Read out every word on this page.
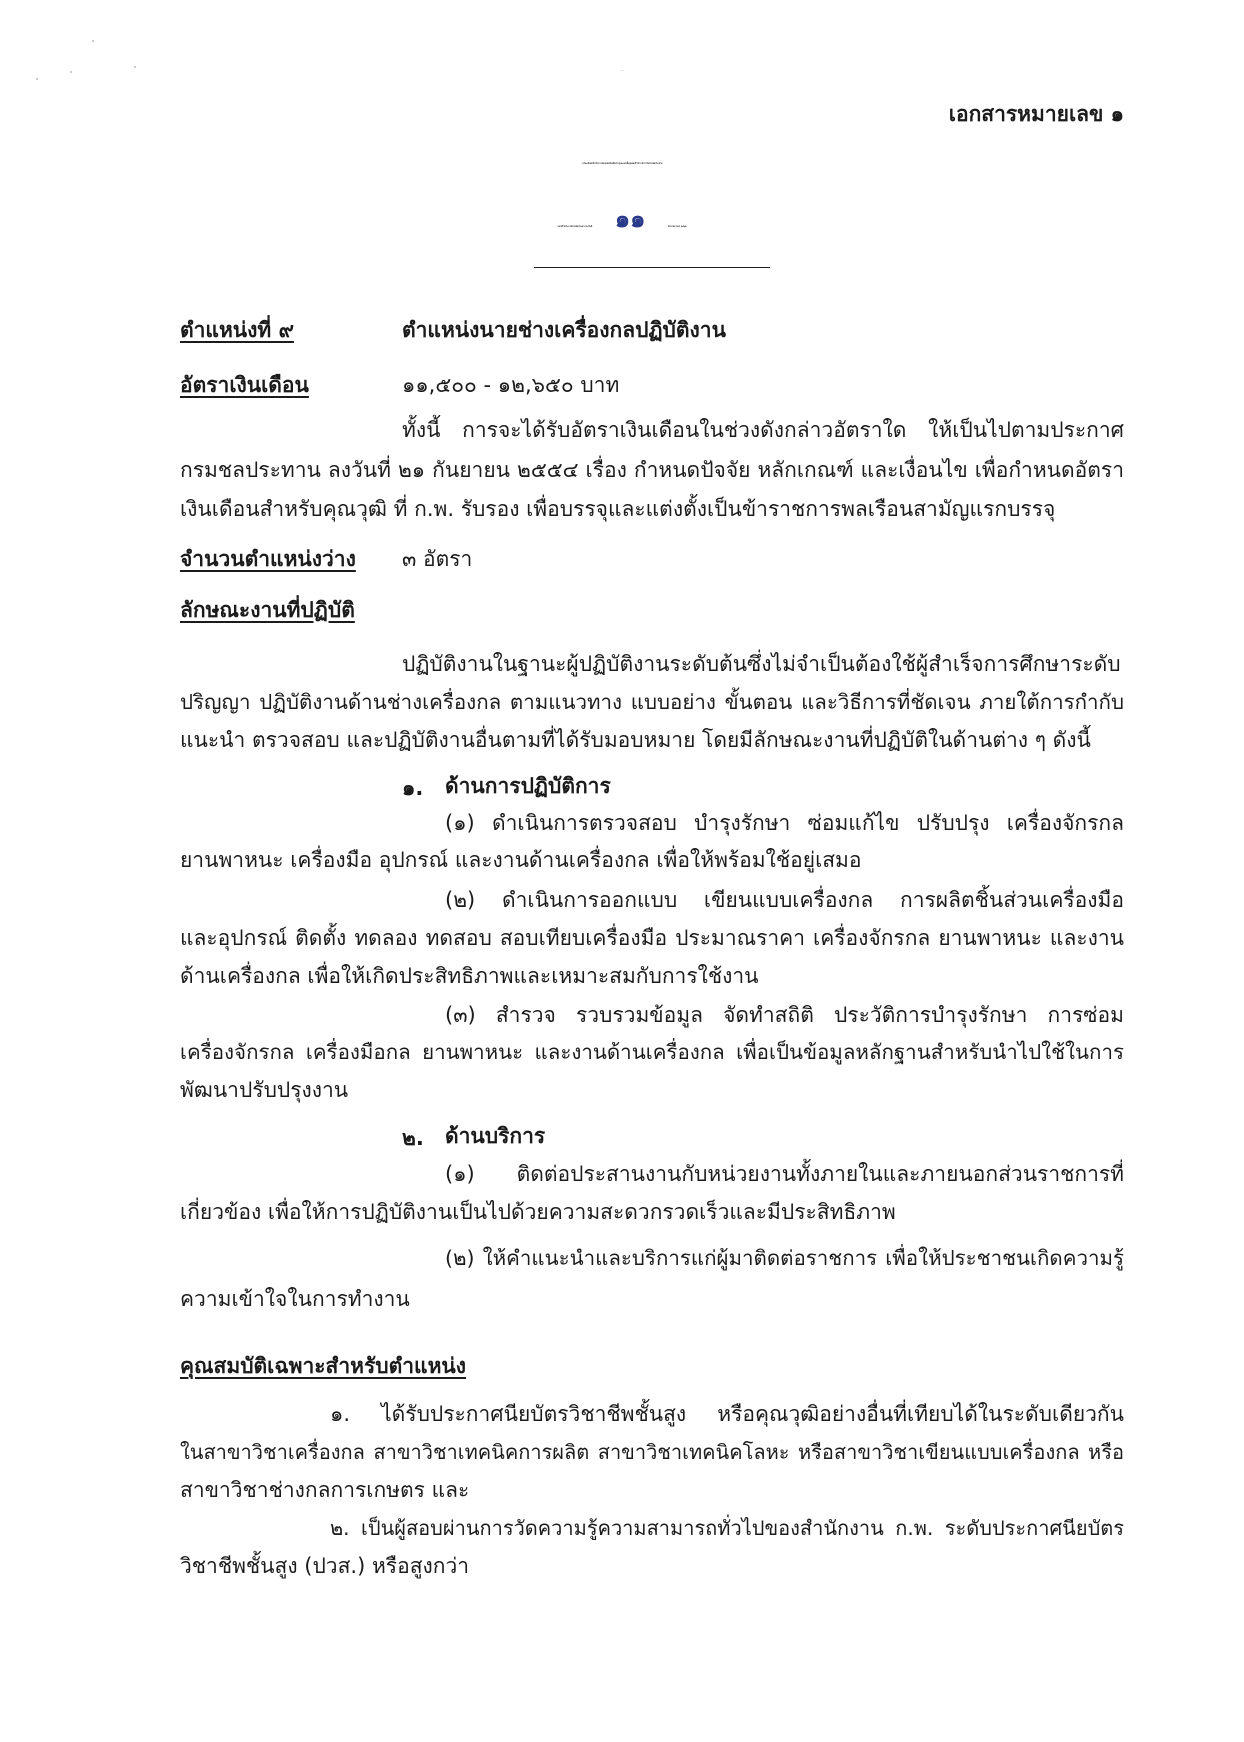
- ๑๘ -
เอกสารหมายเลข ๑
รายละเอียดเกี่ยวกับการสอบแข่งขันเพื่อบรรจุและแต่งตั้งบุคคลเข้ารับราชการในกรมชลประทาน
แนบท้ายประกาศกรมชลประทาน ลงวันที่ ๑๑	ธันวาคม พ.ศ. ๒๕๖๒
ตำแหน่งที่ ๙	ตำแหน่งนายช่างเครื่องกลปฏิบัติงาน
อัตราเงินเดือน	๑๑,๕๐๐ - ๑๒,๖๕๐ บาท
ทั้งนี้ การจะได้รับอัตราเงินเดือนในช่วงดังกล่าวอัตราใด ให้เป็นไปตามประกาศ
กรมชลประทาน ลงวันที่ ๒๑ กันยายน ๒๕๕๔ เรื่อง กำหนดปัจจัย หลักเกณฑ์ และเงื่อนไข เพื่อกำหนดอัตรา
เงินเดือนสำหรับคุณวุฒิ ที่ ก.พ. รับรอง เพื่อบรรจุและแต่งตั้งเป็นข้าราชการพลเรือนสามัญแรกบรรจุ
จำนวนตำแหน่งว่าง ๓ อัตรา
ลักษณะงานที่ปฏิบัติ
ปฏิบัติงานในฐานะผู้ปฏิบัติงานระดับต้นซึ่งไม่จำเป็นต้องใช้ผู้สำเร็จการศึกษาระดับ
ปริญญา ปฏิบัติงานด้านช่างเครื่องกล ตามแนวทาง แบบอย่าง ขั้นตอน และวิธีการที่ชัดเจน ภายใต้การกำกับ
แนะนำ ตรวจสอบ และปฏิบัติงานอื่นตามที่ได้รับมอบหมาย โดยมีลักษณะงานที่ปฏิบัติในด้านต่าง ๆ ดังนี้
๑. ด้านการปฏิบัติการ
(๑) ดำเนินการตรวจสอบ บำรุงรักษา ซ่อมแก้ไข ปรับปรุง เครื่องจักรกล
ยานพาหนะ เครื่องมือ อุปกรณ์ และงานด้านเครื่องกล เพื่อให้พร้อมใช้อยู่เสมอ
(๒) ดำเนินการออกแบบ เขียนแบบเครื่องกล การผลิตชิ้นส่วนเครื่องมือ
และอุปกรณ์ ติดตั้ง ทดลอง ทดสอบ สอบเทียบเครื่องมือ ประมาณราคา เครื่องจักรกล ยานพาหนะ และงาน
ด้านเครื่องกล เพื่อให้เกิดประสิทธิภาพและเหมาะสมกับการใช้งาน
(๓) สำรวจ รวบรวมข้อมูล จัดทำสถิติ ประวัติการบำรุงรักษา การซ่อม
เครื่องจักรกล เครื่องมือกล ยานพาหนะ และงานด้านเครื่องกล เพื่อเป็นข้อมูลหลักฐานสำหรับนำไปใช้ในการ
พัฒนาปรับปรุงงาน
๒. ด้านบริการ
(๑) ติดต่อประสานงานกับหน่วยงานทั้งภายในและภายนอกส่วนราชการที่
เกี่ยวข้อง เพื่อให้การปฏิบัติงานเป็นไปด้วยความสะดวกรวดเร็วและมีประสิทธิภาพ
(๒) ให้คำแนะนำและบริการแก่ผู้มาติดต่อราชการ เพื่อให้ประชาชนเกิดความรู้
ความเข้าใจในการทำงาน
คุณสมบัติเฉพาะสำหรับตำแหน่ง
๑. ได้รับประกาศนียบัตรวิชาชีพชั้นสูง หรือคุณวุฒิอย่างอื่นที่เทียบได้ในระดับเดียวกัน
ในสาขาวิชาเครื่องกล สาขาวิชาเทคนิคการผลิต สาขาวิชาเทคนิคโลหะ หรือสาขาวิชาเขียนแบบเครื่องกล หรือ
สาขาวิชาช่างกลการเกษตร และ
๒. เป็นผู้สอบผ่านการวัดความรู้ความสามารถทั่วไปของสำนักงาน ก.พ. ระดับประกาศนียบัตร
วิชาชีพชั้นสูง (ปวส.) หรือสูงกว่า
